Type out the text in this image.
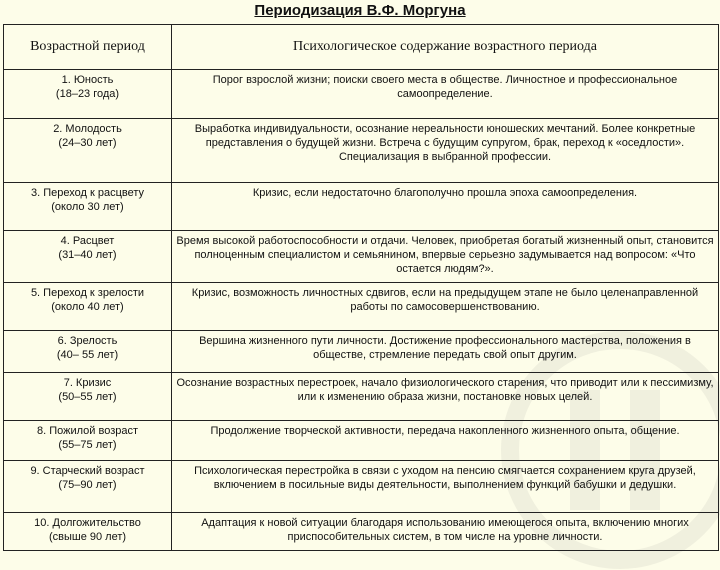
Периодизация В.Ф. Моргуна
Возрастной период	Психологическое содержание возрастного периода
1. Юность
(18–23 года)	Порог взрослой жизни; поиски своего места в обществе. Личностное и профессиональное самоопределение.
2. Молодость
(24–30 лет)	Выработка индивидуальности, осознание нереальности юношеских мечтаний. Более конкретные представления о будущей жизни. Встреча с будущим супругом, брак, переход к «оседлости». Специализация в выбранной профессии.
3. Переход к расцвету
(около 30 лет)	Кризис, если недостаточно благополучно прошла эпоха самоопределения.
4. Расцвет
(31–40 лет)	Время высокой работоспособности и отдачи. Человек, приобретая богатый жизненный опыт, становится полноценным специалистом и семьянином, впервые серьезно задумывается над вопросом: «Что остается людям?».
5. Переход к зрелости
(около 40 лет)	Кризис, возможность личностных сдвигов, если на предыдущем этапе не было целенаправленной работы по самосовершенствованию.
6. Зрелость
(40– 55 лет)	Вершина жизненного пути личности. Достижение профессионального мастерства, положения в обществе, стремление передать свой опыт другим.
7. Кризис
(50–55 лет)	Осознание возрастных перестроек, начало физиологического старения, что приводит или к пессимизму, или к изменению образа жизни, постановке новых целей.
8. Пожилой возраст
(55–75 лет)	Продолжение творческой активности, передача накопленного жизненного опыта, общение.
9. Старческий возраст
(75–90 лет)	Психологическая перестройка в связи с уходом на пенсию смягчается сохранением круга друзей, включением в посильные виды деятельности, выполнением функций бабушки и дедушки.
10. Долгожительство
(свыше 90 лет)	Адаптация к новой ситуации благодаря использованию имеющегося опыта, включению многих приспособительных систем, в том числе на уровне личности.
